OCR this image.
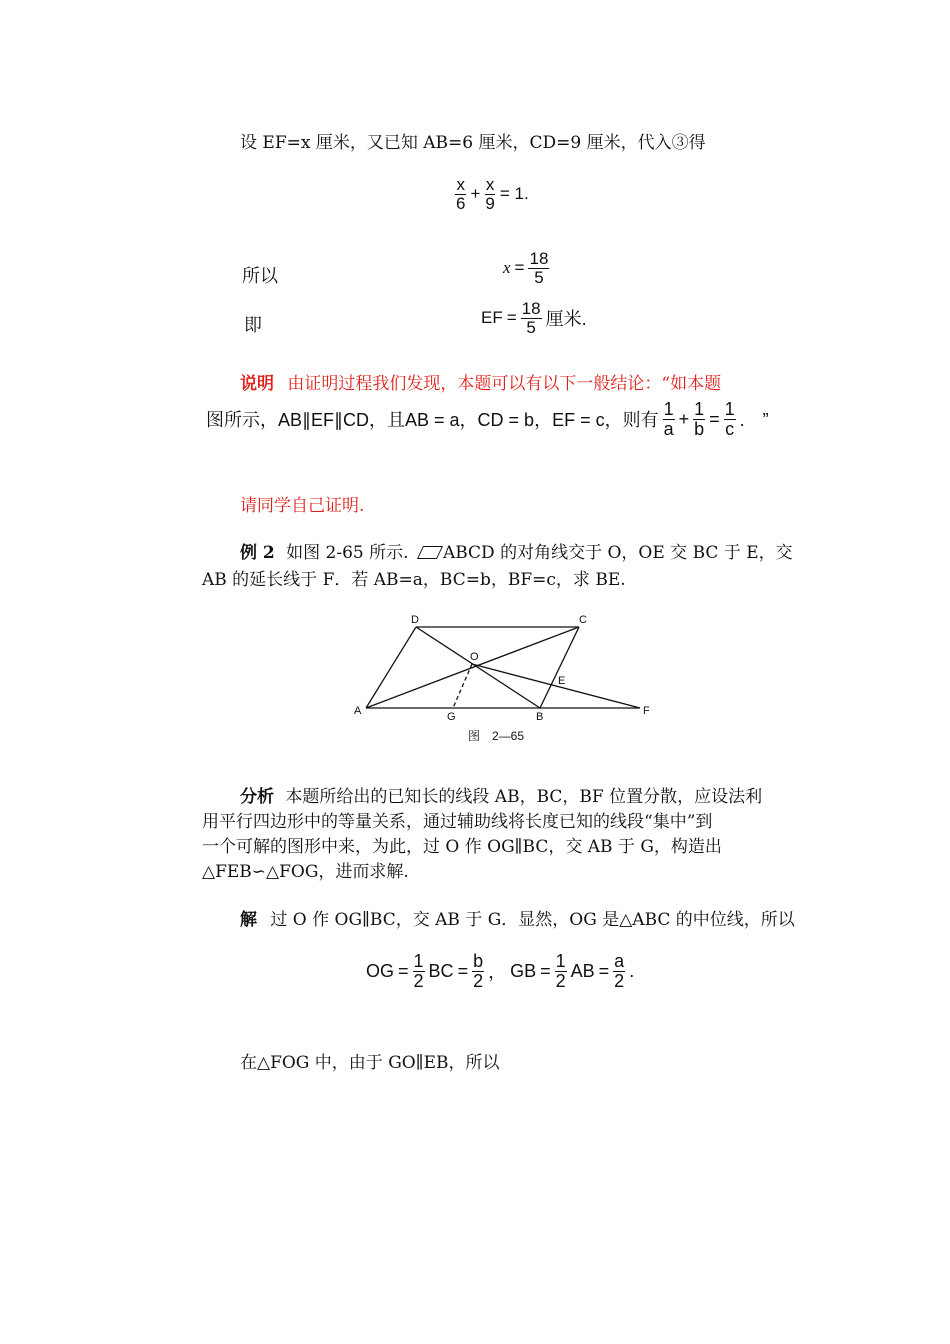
设 EF=x 厘米，又已知 AB=6 厘米，CD=9 厘米，代入③得
$\frac{x}{6} + \frac{x}{9} = 1$.
所以	$x = \frac{18}{5}$
即	EF = $\frac{18}{5}$ 厘米.
说明 由证明过程我们发现，本题可以有以下一般结论：“如本题
图所示，AB∥EF∥CD，且AB = a，CD = b，EF = c，则有 $\frac{1}{a} + \frac{1}{b} = \frac{1}{c}$ .　”
请同学自己证明.
例 2 如图 2-65 所示. ABCD 的对角线交于 O，OE 交 BC 于 E，交
AB 的延长线于 F．若 AB=a，BC=b，BF=c，求 BE.
A	B
C
D
O
E
F
G
图　2—65
分析 本题所给出的已知长的线段 AB，BC，BF 位置分散，应设法利
用平行四边形中的等量关系，通过辅助线将长度已知的线段“集中”到
一个可解的图形中来，为此，过 O 作 OG∥BC，交 AB 于 G，构造出
△FEB∽△FOG，进而求解.
解 过 O 作 OG∥BC，交 AB 于 G．显然，OG 是△ABC 的中位线，所以
OG = $\frac{1}{2}$ BC = $\frac{b}{2}$ ， GB = $\frac{1}{2}$ AB = $\frac{a}{2}$ .
在△FOG 中，由于 GO∥EB，所以
